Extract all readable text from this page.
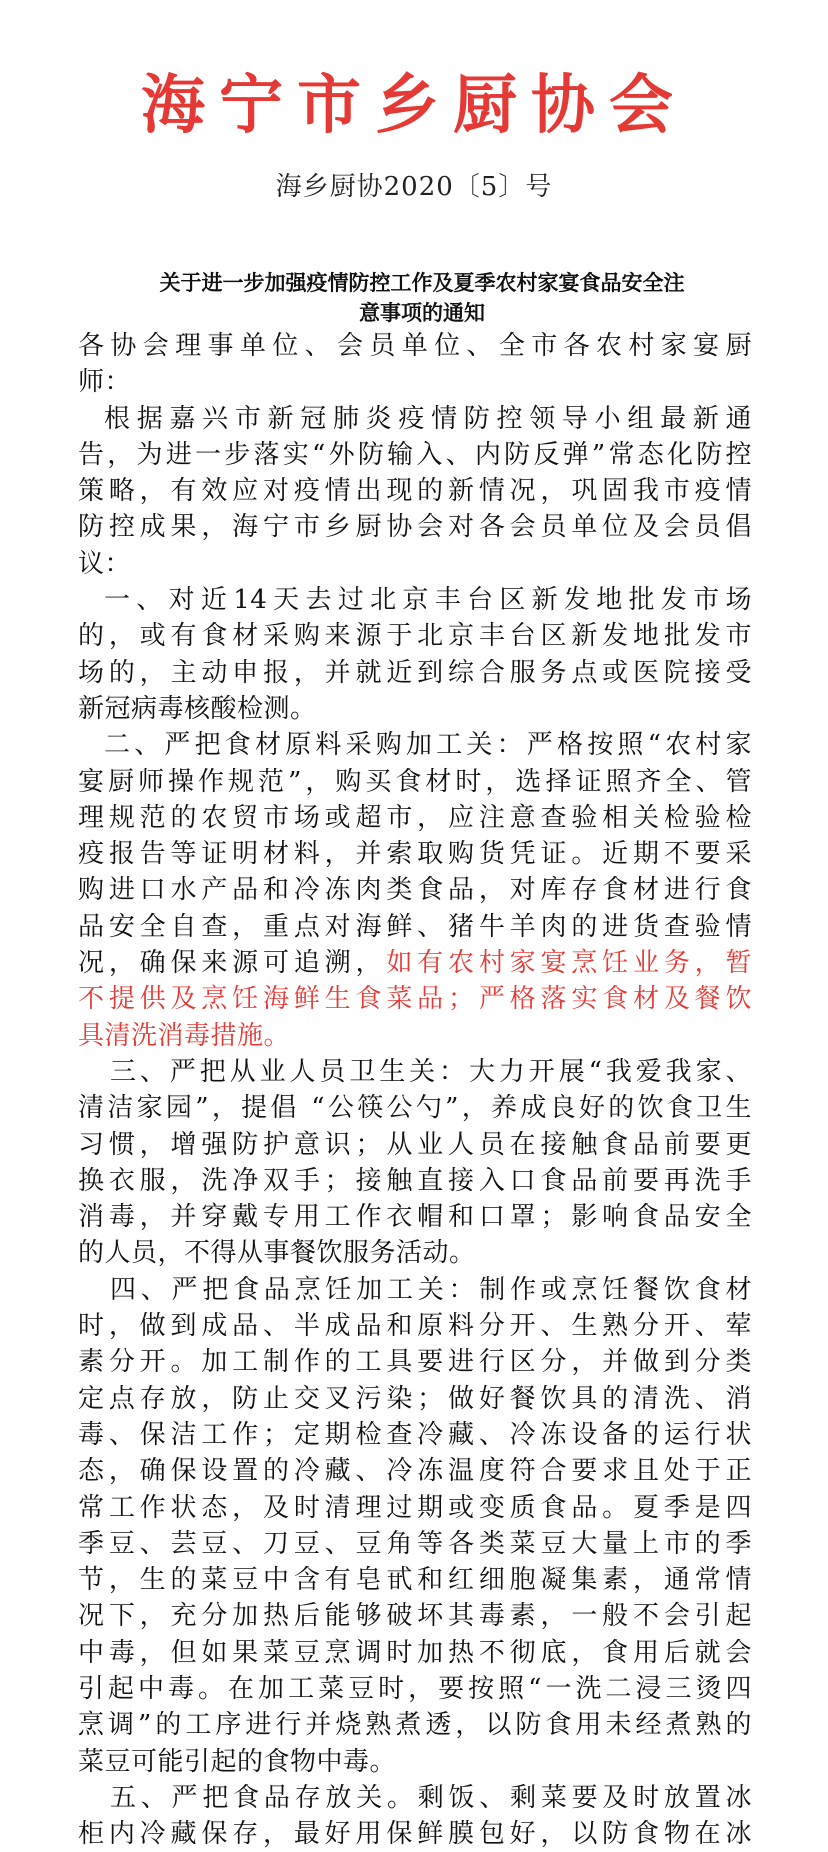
海宁市乡厨协会
海乡厨协2020〔5〕号
关于进一步加强疫情防控工作及夏季农村家宴食品安全注
意事项的通知
各协会理事单位、会员单位、全市各农村家宴厨
师：
根据嘉兴市新冠肺炎疫情防控领导小组最新通
告，为进一步落实“外防输入、内防反弹”常态化防控
策略，有效应对疫情出现的新情况，巩固我市疫情
防控成果，海宁市乡厨协会对各会员单位及会员倡
议：
一、对近14天去过北京丰台区新发地批发市场
的，或有食材采购来源于北京丰台区新发地批发市
场的，主动申报，并就近到综合服务点或医院接受
新冠病毒核酸检测。
二、严把食材原料采购加工关：严格按照“农村家
宴厨师操作规范”，购买食材时，选择证照齐全、管
理规范的农贸市场或超市，应注意查验相关检验检
疫报告等证明材料，并索取购货凭证。近期不要采
购进口水产品和冷冻肉类食品，对库存食材进行食
品安全自查，重点对海鲜、猪牛羊肉的进货查验情
况，确保来源可追溯，如有农村家宴烹饪业务，暂
不提供及烹饪海鲜生食菜品；严格落实食材及餐饮
具清洗消毒措施。
三、严把从业人员卫生关：大力开展“我爱我家、
清洁家园”，提倡 “公筷公勺”，养成良好的饮食卫生
习惯，增强防护意识；从业人员在接触食品前要更
换衣服，洗净双手；接触直接入口食品前要再洗手
消毒，并穿戴专用工作衣帽和口罩；影响食品安全
的人员，不得从事餐饮服务活动。
四、严把食品烹饪加工关：制作或烹饪餐饮食材
时，做到成品、半成品和原料分开、生熟分开、荤
素分开。加工制作的工具要进行区分，并做到分类
定点存放，防止交叉污染；做好餐饮具的清洗、消
毒、保洁工作；定期检查冷藏、冷冻设备的运行状
态，确保设置的冷藏、冷冻温度符合要求且处于正
常工作状态，及时清理过期或变质食品。夏季是四
季豆、芸豆、刀豆、豆角等各类菜豆大量上市的季
节，生的菜豆中含有皂甙和红细胞凝集素，通常情
况下，充分加热后能够破坏其毒素，一般不会引起
中毒，但如果菜豆烹调时加热不彻底，食用后就会
引起中毒。在加工菜豆时，要按照“一洗二浸三烫四
烹调”的工序进行并烧熟煮透，以防食用未经煮熟的
菜豆可能引起的食物中毒。
五、严把食品存放关。剩饭、剩菜要及时放置冰
柜内冷藏保存，最好用保鲜膜包好，以防食物在冰
